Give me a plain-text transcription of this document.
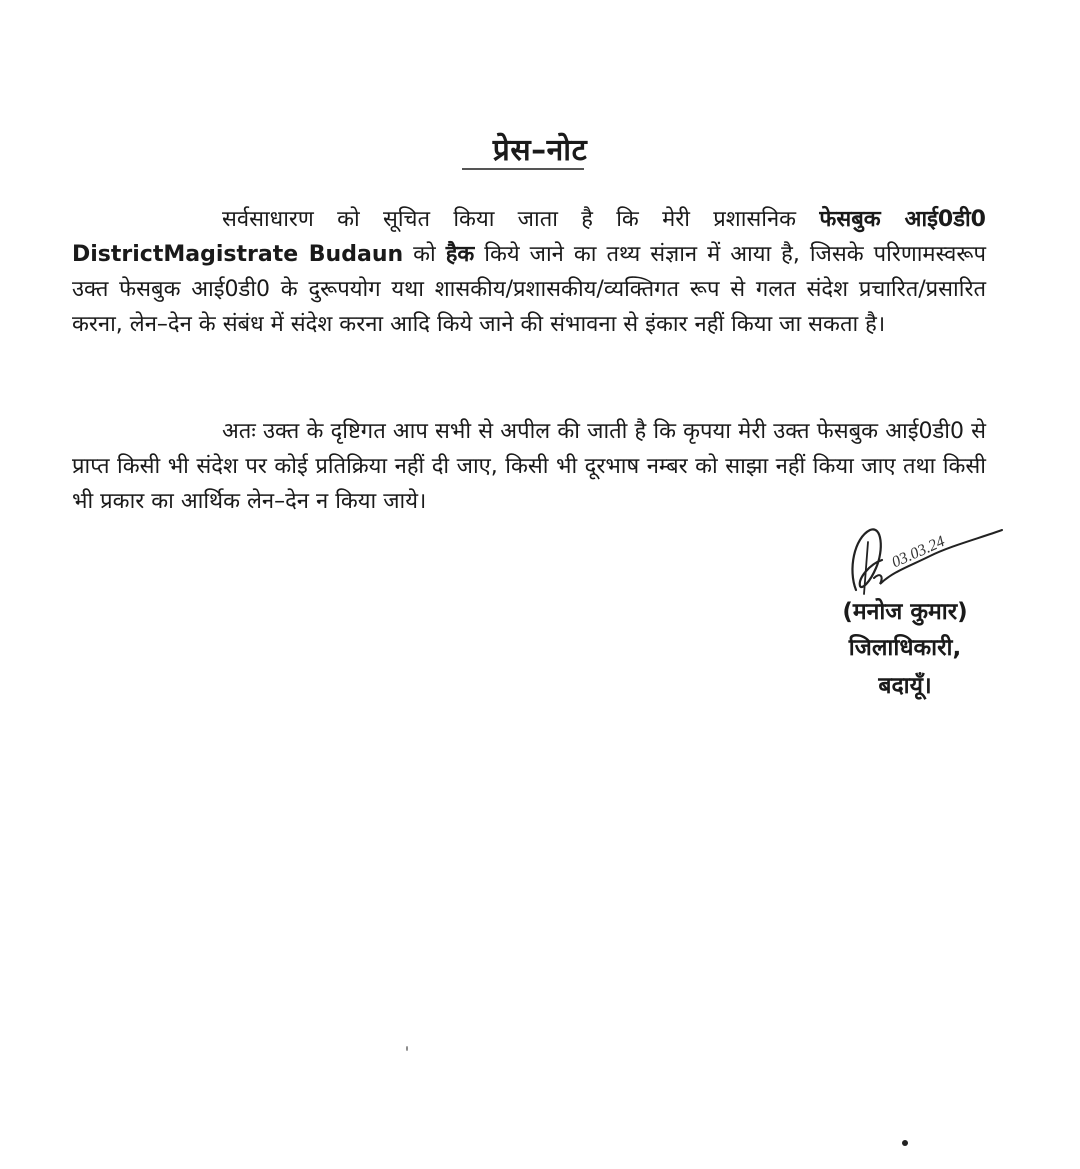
प्रेस–नोट

सर्वसाधारण को सूचित किया जाता है कि मेरी प्रशासनिक फेसबुक आई0डी0 DistrictMagistrate Budaun को हैक किये जाने का तथ्य संज्ञान में आया है, जिसके परिणामस्वरूप उक्त फेसबुक आई0डी0 के दुरूपयोग यथा शासकीय/प्रशासकीय/व्यक्तिगत रूप से गलत संदेश प्रचारित/प्रसारित करना, लेन–देन के संबंध में संदेश करना आदि किये जाने की संभावना से इंकार नहीं किया जा सकता है।

अतः उक्त के दृष्टिगत आप सभी से अपील की जाती है कि कृपया मेरी उक्त फेसबुक आई0डी0 से प्राप्त किसी भी संदेश पर कोई प्रतिक्रिया नहीं दी जाए, किसी भी दूरभाष नम्बर को साझा नहीं किया जाए तथा किसी भी प्रकार का आर्थिक लेन–देन न किया जाये।

03.03.24
(मनोज कुमार)
जिलाधिकारी,
बदायूँ।
